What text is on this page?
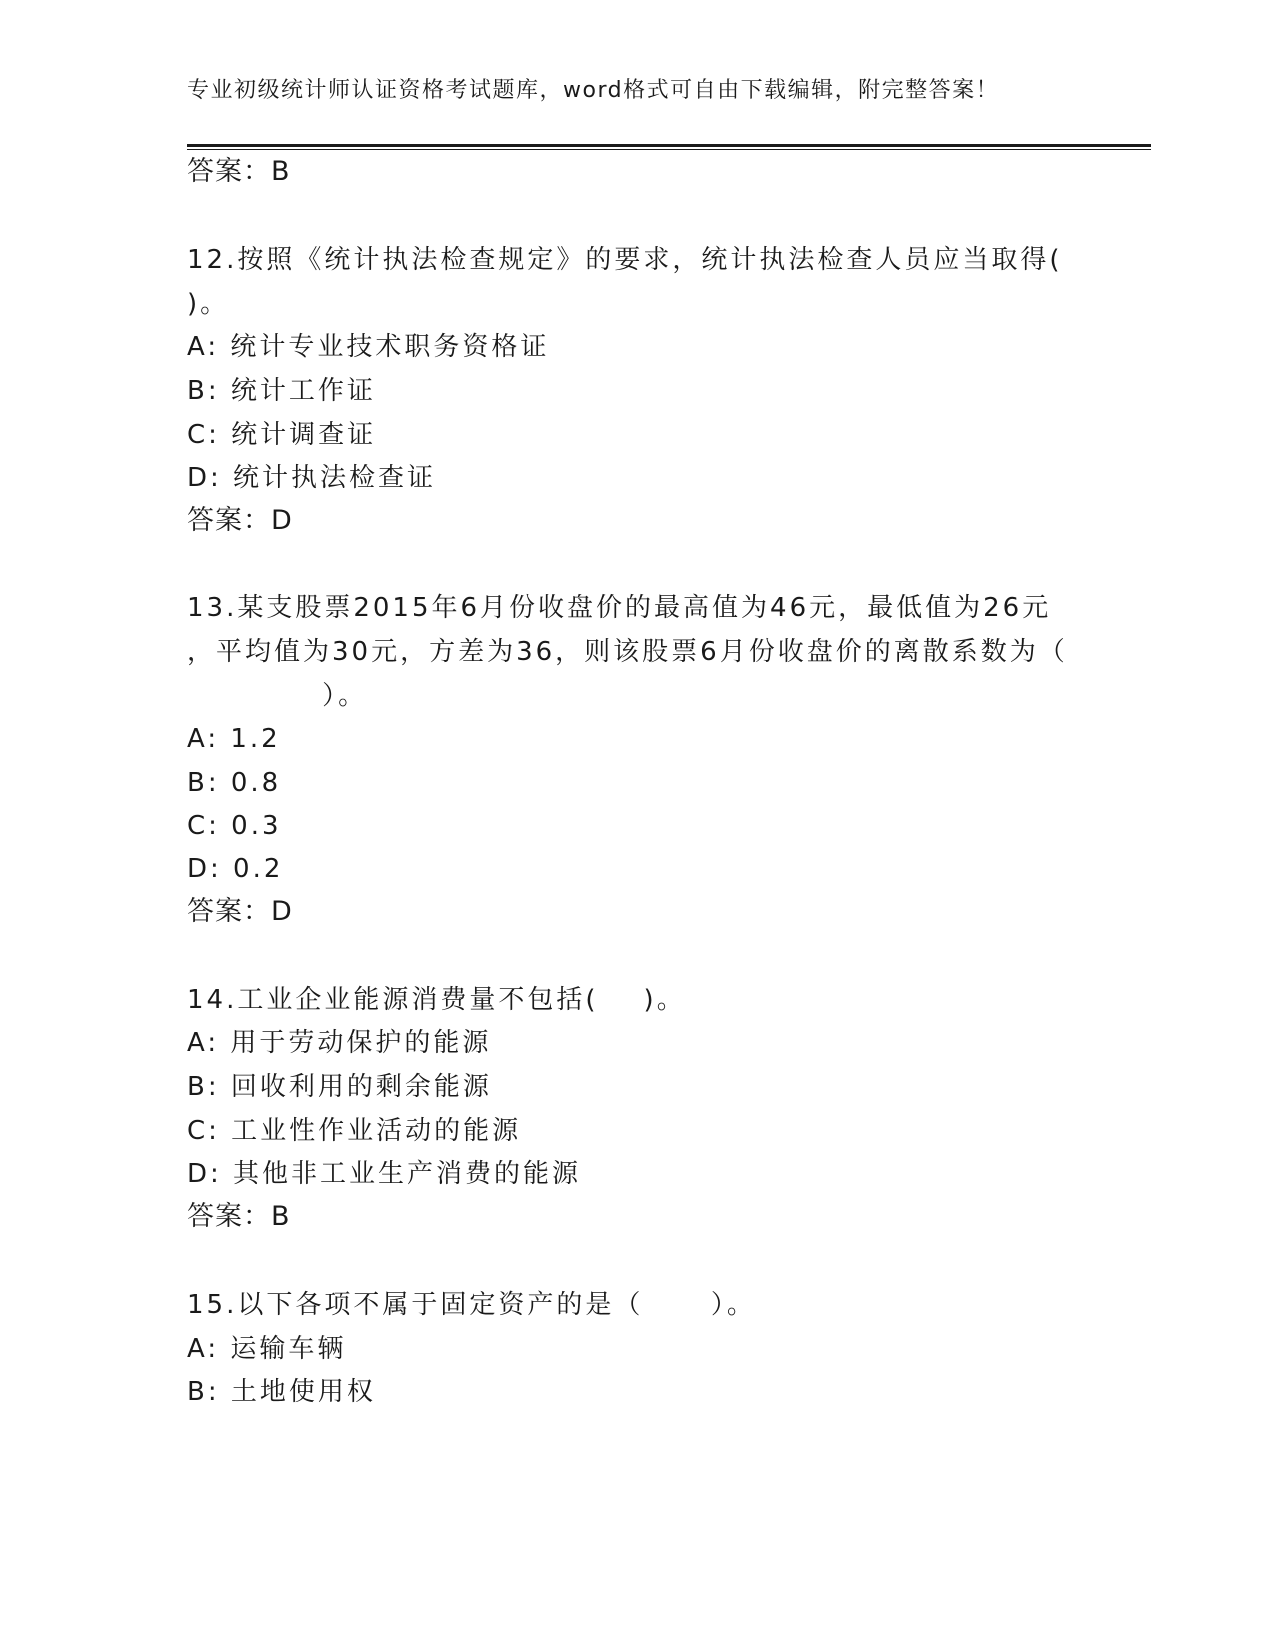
专业初级统计师认证资格考试题库，word格式可自由下载编辑，附完整答案！
答案：B
12.按照《统计执法检查规定》的要求，统计执法检查人员应当取得(
)。
A: 统计专业技术职务资格证
B: 统计工作证
C: 统计调查证
D: 统计执法检查证
答案：D
13.某支股票2015年6月份收盘价的最高值为46元，最低值为26元
，平均值为30元，方差为36，则该股票6月份收盘价的离散系数为（
）。
A: 1.2
B: 0.8
C: 0.3
D: 0.2
答案：D
14.工业企业能源消费量不包括(    )。
A: 用于劳动保护的能源
B: 回收利用的剩余能源
C: 工业性作业活动的能源
D: 其他非工业生产消费的能源
答案：B
15.以下各项不属于固定资产的是（      ）。
A: 运输车辆
B: 土地使用权
